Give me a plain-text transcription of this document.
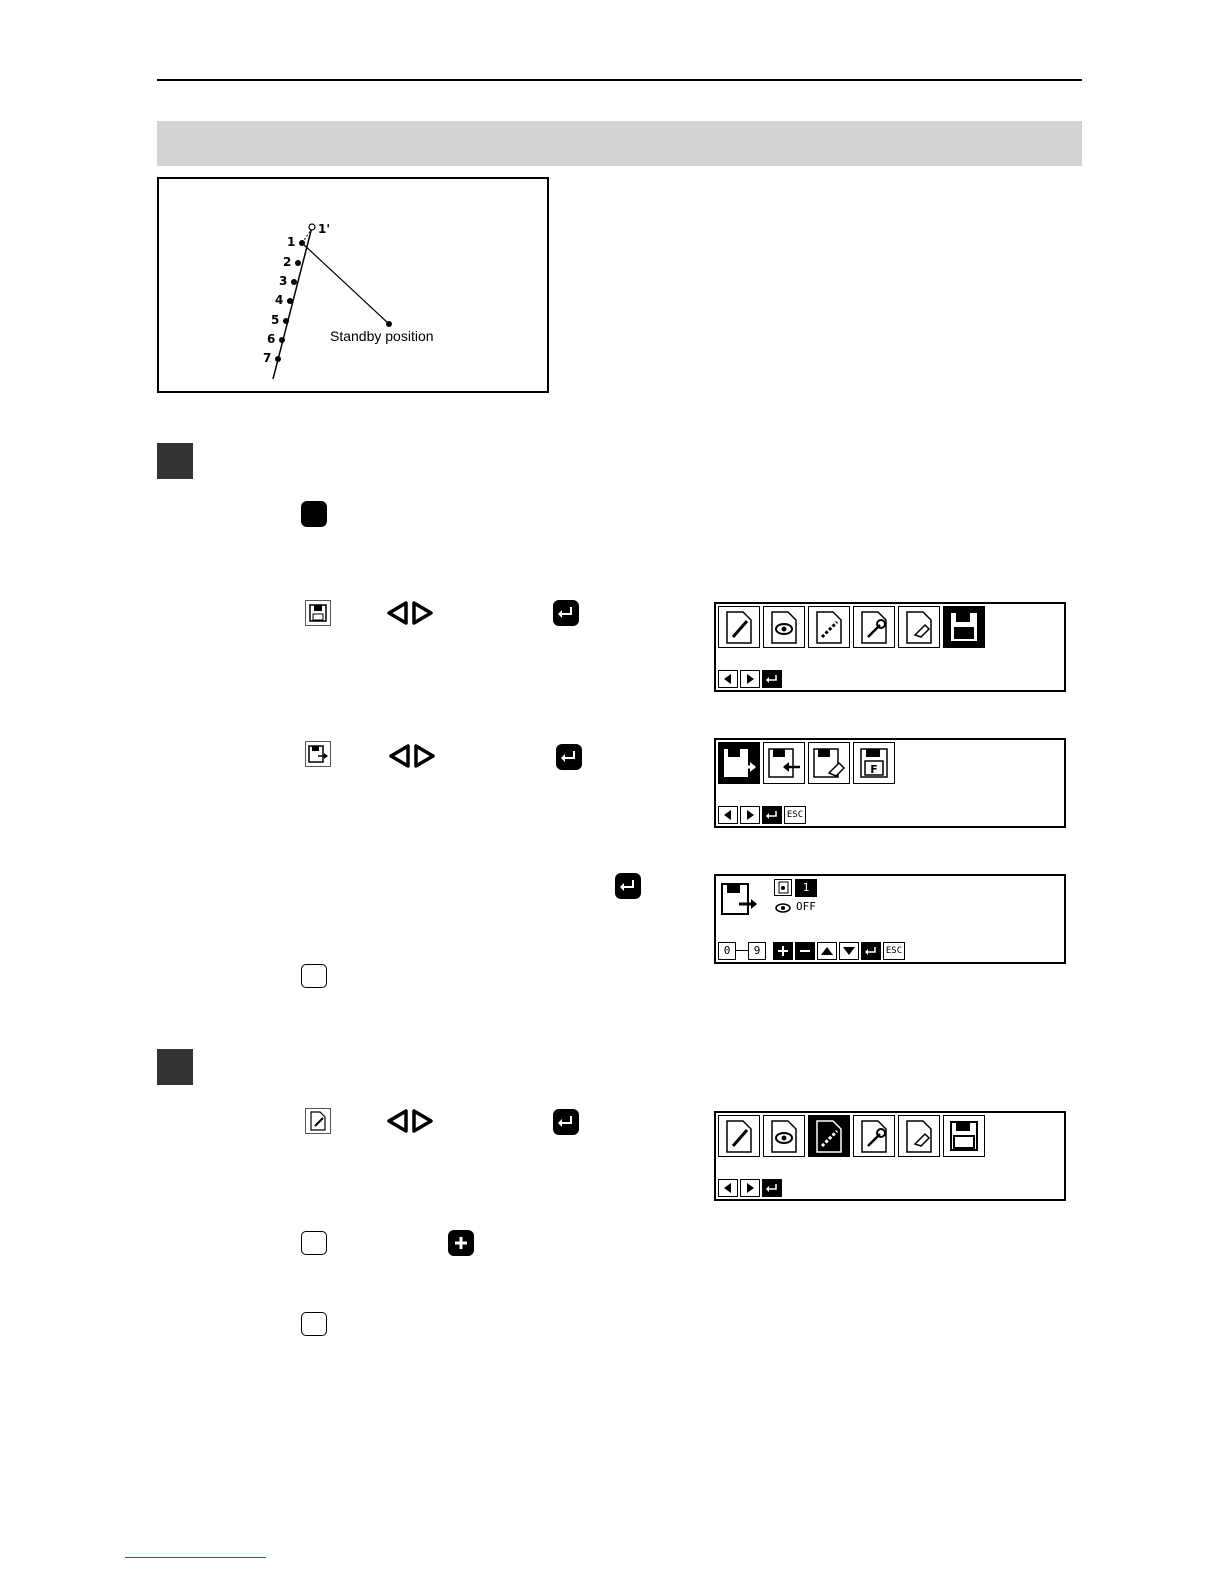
1
2
3
4
5
6
7
1'
Standby position
F
ESC
1
OFF
0	9	ESC
